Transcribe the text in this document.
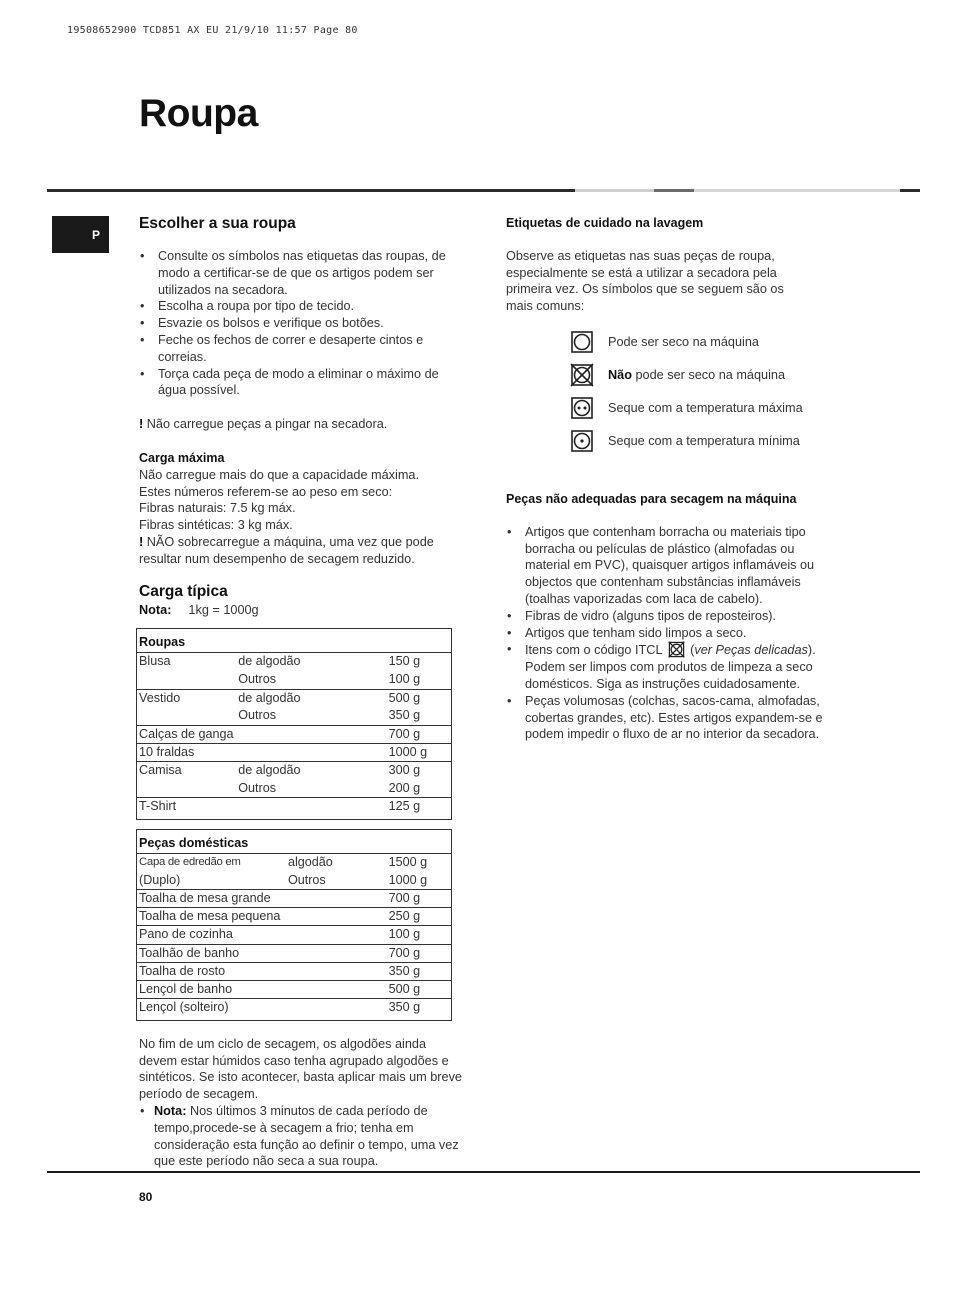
19508652900 TCD851 AX EU 21/9/10 11:57 Page 80
Roupa
P
Escolher a sua roupa
• Consulte os símbolos nas etiquetas das roupas, de modo a certificar-se de que os artigos podem ser utilizados na secadora.
• Escolha a roupa por tipo de tecido.
• Esvazie os bolsos e verifique os botões.
• Feche os fechos de correr e desaperte cintos e correias.
• Torça cada peça de modo a eliminar o máximo de água possível.

! Não carregue peças a pingar na secadora.

Carga máxima

Não carregue mais do que a capacidade máxima.

Estes números referem-se ao peso em seco:

Fibras naturais: 7.5 kg máx.

Fibras sintéticas: 3 kg máx.

! NÃO sobrecarregue a máquina, uma vez que pode resultar num desempenho de secagem reduzido.

Carga típica

Nota: 1kg = 1000g

Roupas		
Blusa	de algodão	150 g
	Outros	100 g
Vestido	de algodão	500 g
	Outros	350 g
Calças de ganga		700 g
10 fraldas		1000 g
Camisa	de algodão	300 g
	Outros	200 g
T-Shirt		125 g
Peças domésticas		
Capa de edredão em	algodão	1500 g
(Duplo)	Outros	1000 g
Toalha de mesa grande		700 g
Toalha de mesa pequena		250 g
Pano de cozinha		100 g
Toalhão de banho		700 g
Toalha de rosto		350 g
Lençol de banho		500 g
Lençol (solteiro)		350 g

No fim de um ciclo de secagem, os algodões ainda devem estar húmidos caso tenha agrupado algodões e sintéticos. Se isto acontecer, basta aplicar mais um breve período de secagem.

• Nota: Nos últimos 3 minutos de cada período de tempo,procede-se à secagem a frio; tenha em consideração esta função ao definir o tempo, uma vez que este período não seca a sua roupa.
Etiquetas de cuidado na lavagem

Observe as etiquetas nas suas peças de roupa, especialmente se está a utilizar a secadora pela primeira vez. Os símbolos que se seguem são os mais comuns:

Pode ser seco na máquina
Não pode ser seco na máquina
Seque com a temperatura máxima
Seque com a temperatura mínima
Peças não adequadas para secagem na máquina
• Artigos que contenham borracha ou materiais tipo borracha ou películas de plástico (almofadas ou material em PVC), quaisquer artigos inflamáveis ou objectos que contenham substâncias inflamáveis (toalhas vaporizadas com laca de cabelo).
• Fibras de vidro (alguns tipos de reposteiros).
• Artigos que tenham sido limpos a seco.
• Itens com o código ITCL  (ver Peças delicadas). Podem ser limpos com produtos de limpeza a seco domésticos. Siga as instruções cuidadosamente.
• Peças volumosas (colchas, sacos-cama, almofadas, cobertas grandes, etc). Estes artigos expandem-se e podem impedir o fluxo de ar no interior da secadora.
80
